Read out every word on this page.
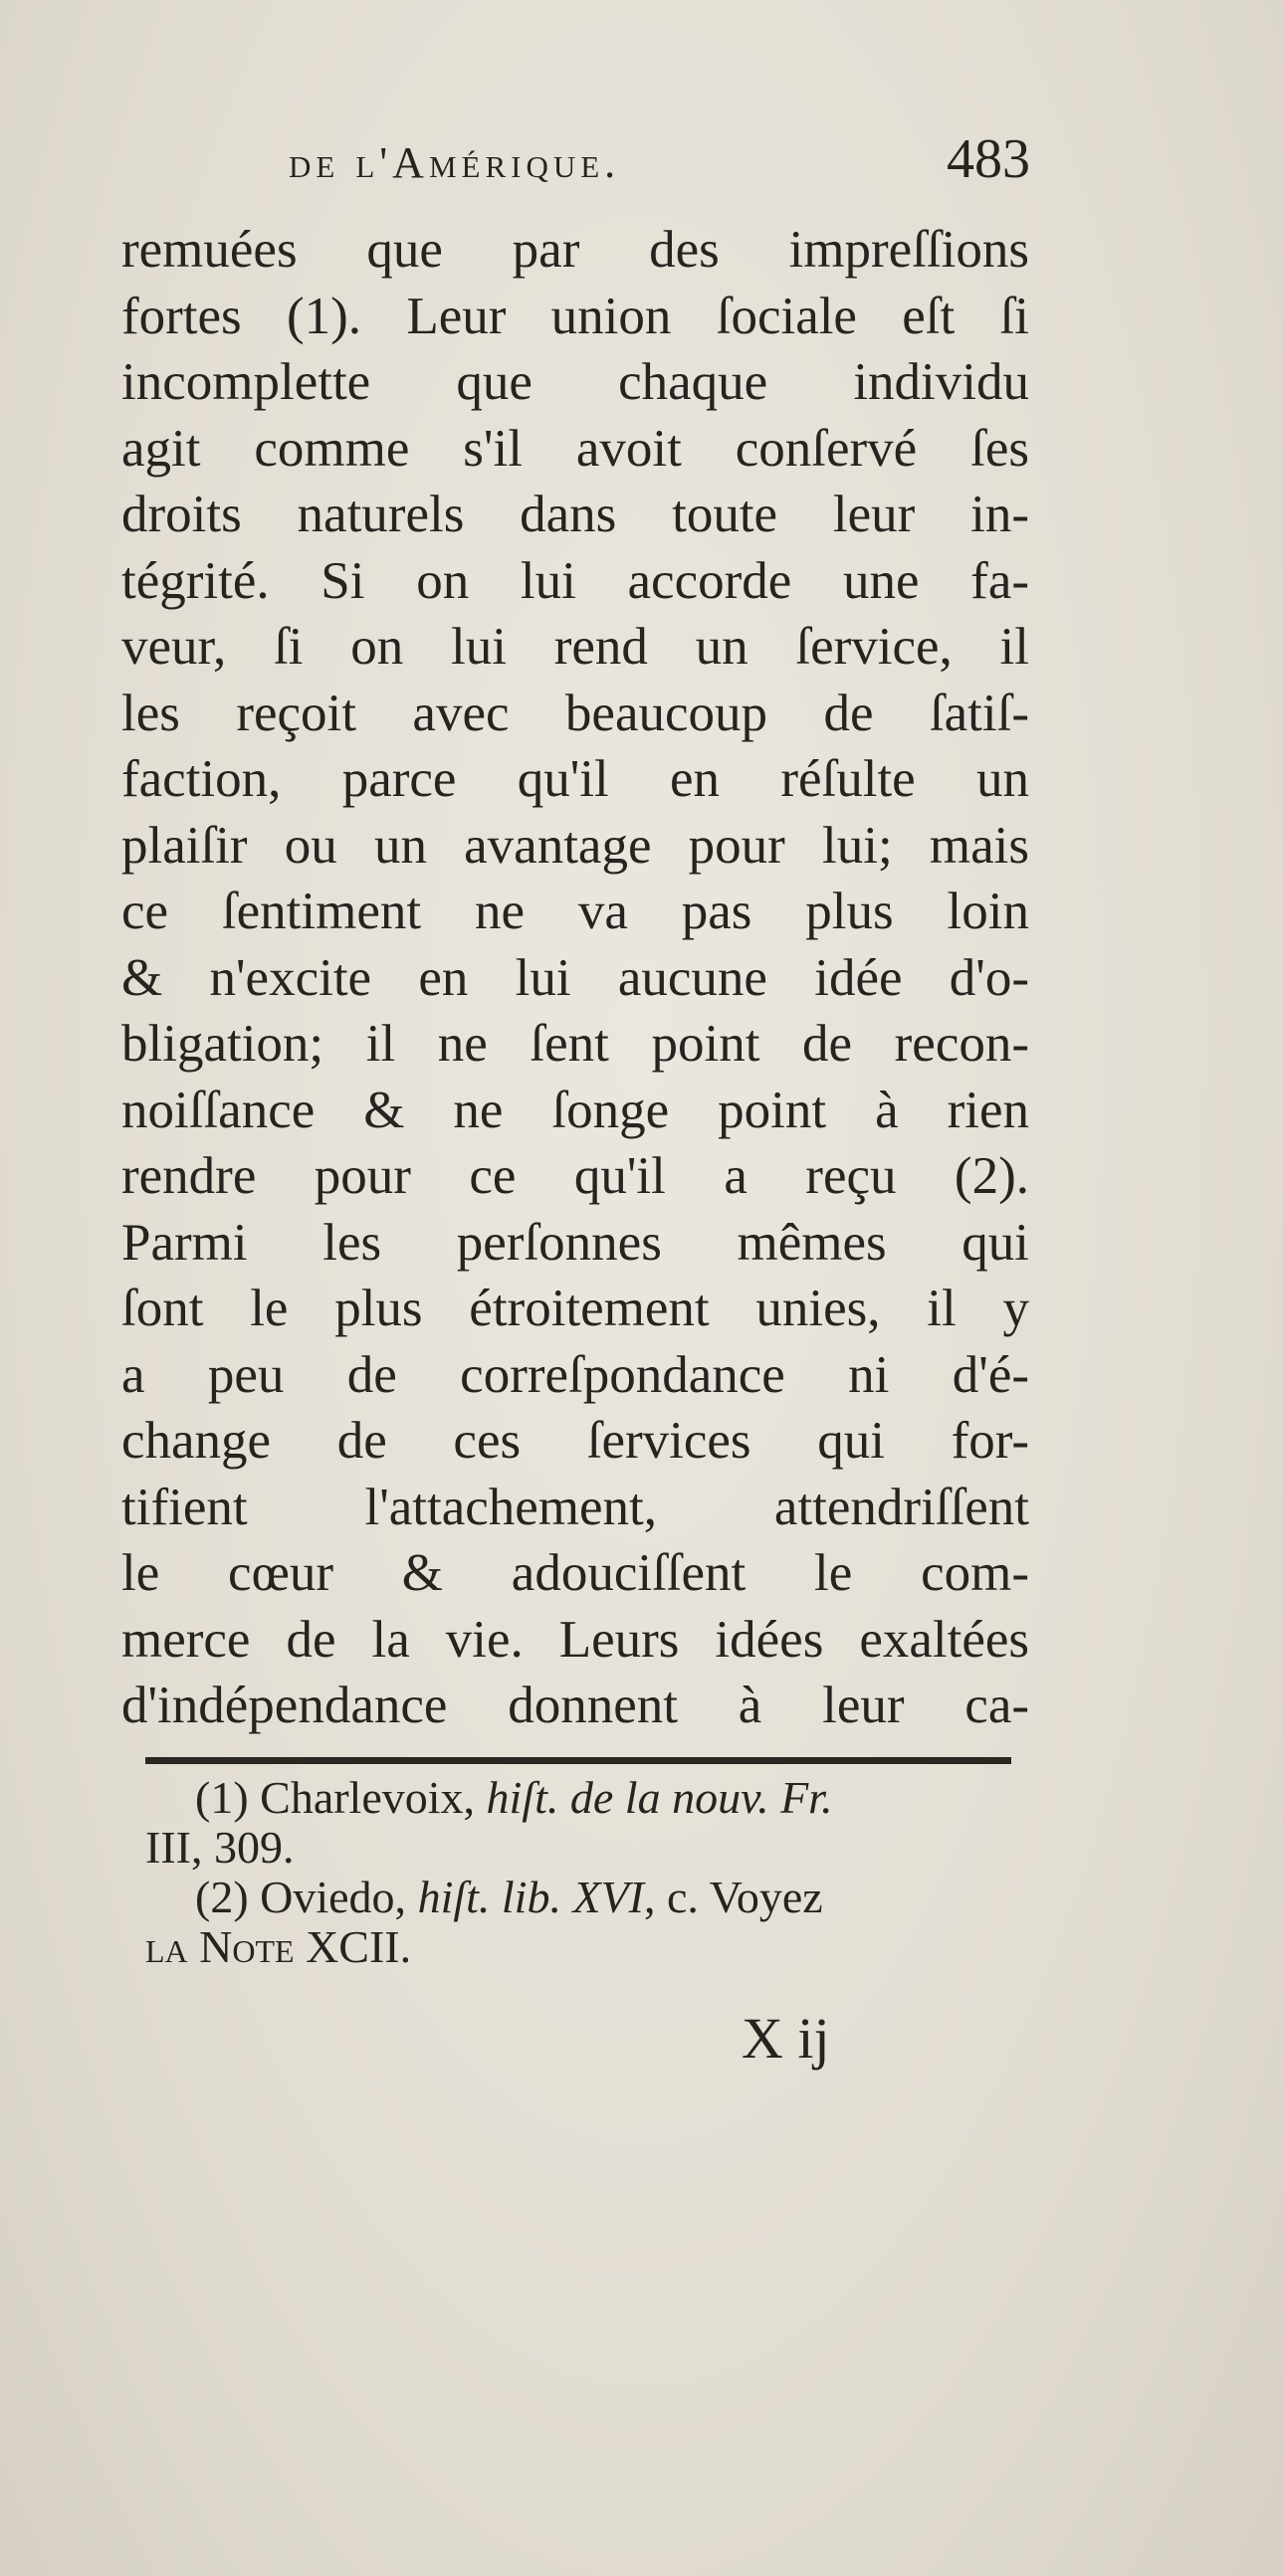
de l'Amérique.	483
remuées que par des impreſſions
fortes (1). Leur union ſociale eſt ſi
incomplette que chaque individu
agit comme s'il avoit conſervé ſes
droits naturels dans toute leur in-
tégrité. Si on lui accorde une fa-
veur, ſi on lui rend un ſervice, il
les reçoit avec beaucoup de ſatiſ-
faction, parce qu'il en réſulte un
plaiſir ou un avantage pour lui; mais
ce ſentiment ne va pas plus loin
& n'excite en lui aucune idée d'o-
bligation; il ne ſent point de recon-
noiſſance & ne ſonge point à rien
rendre pour ce qu'il a reçu (2).
Parmi les perſonnes mêmes qui
ſont le plus étroitement unies, il y
a peu de correſpondance ni d'é-
change de ces ſervices qui for-
tifient l'attachement, attendriſſent
le cœur & adouciſſent le com-
merce de la vie. Leurs idées exaltées
d'indépendance donnent à leur ca-
(1) Charlevoix, hiſt. de la nouv. Fr.
III, 309.
(2) Oviedo, hiſt. lib. XVI, c. Voyez
la Note XCII.
X ij
